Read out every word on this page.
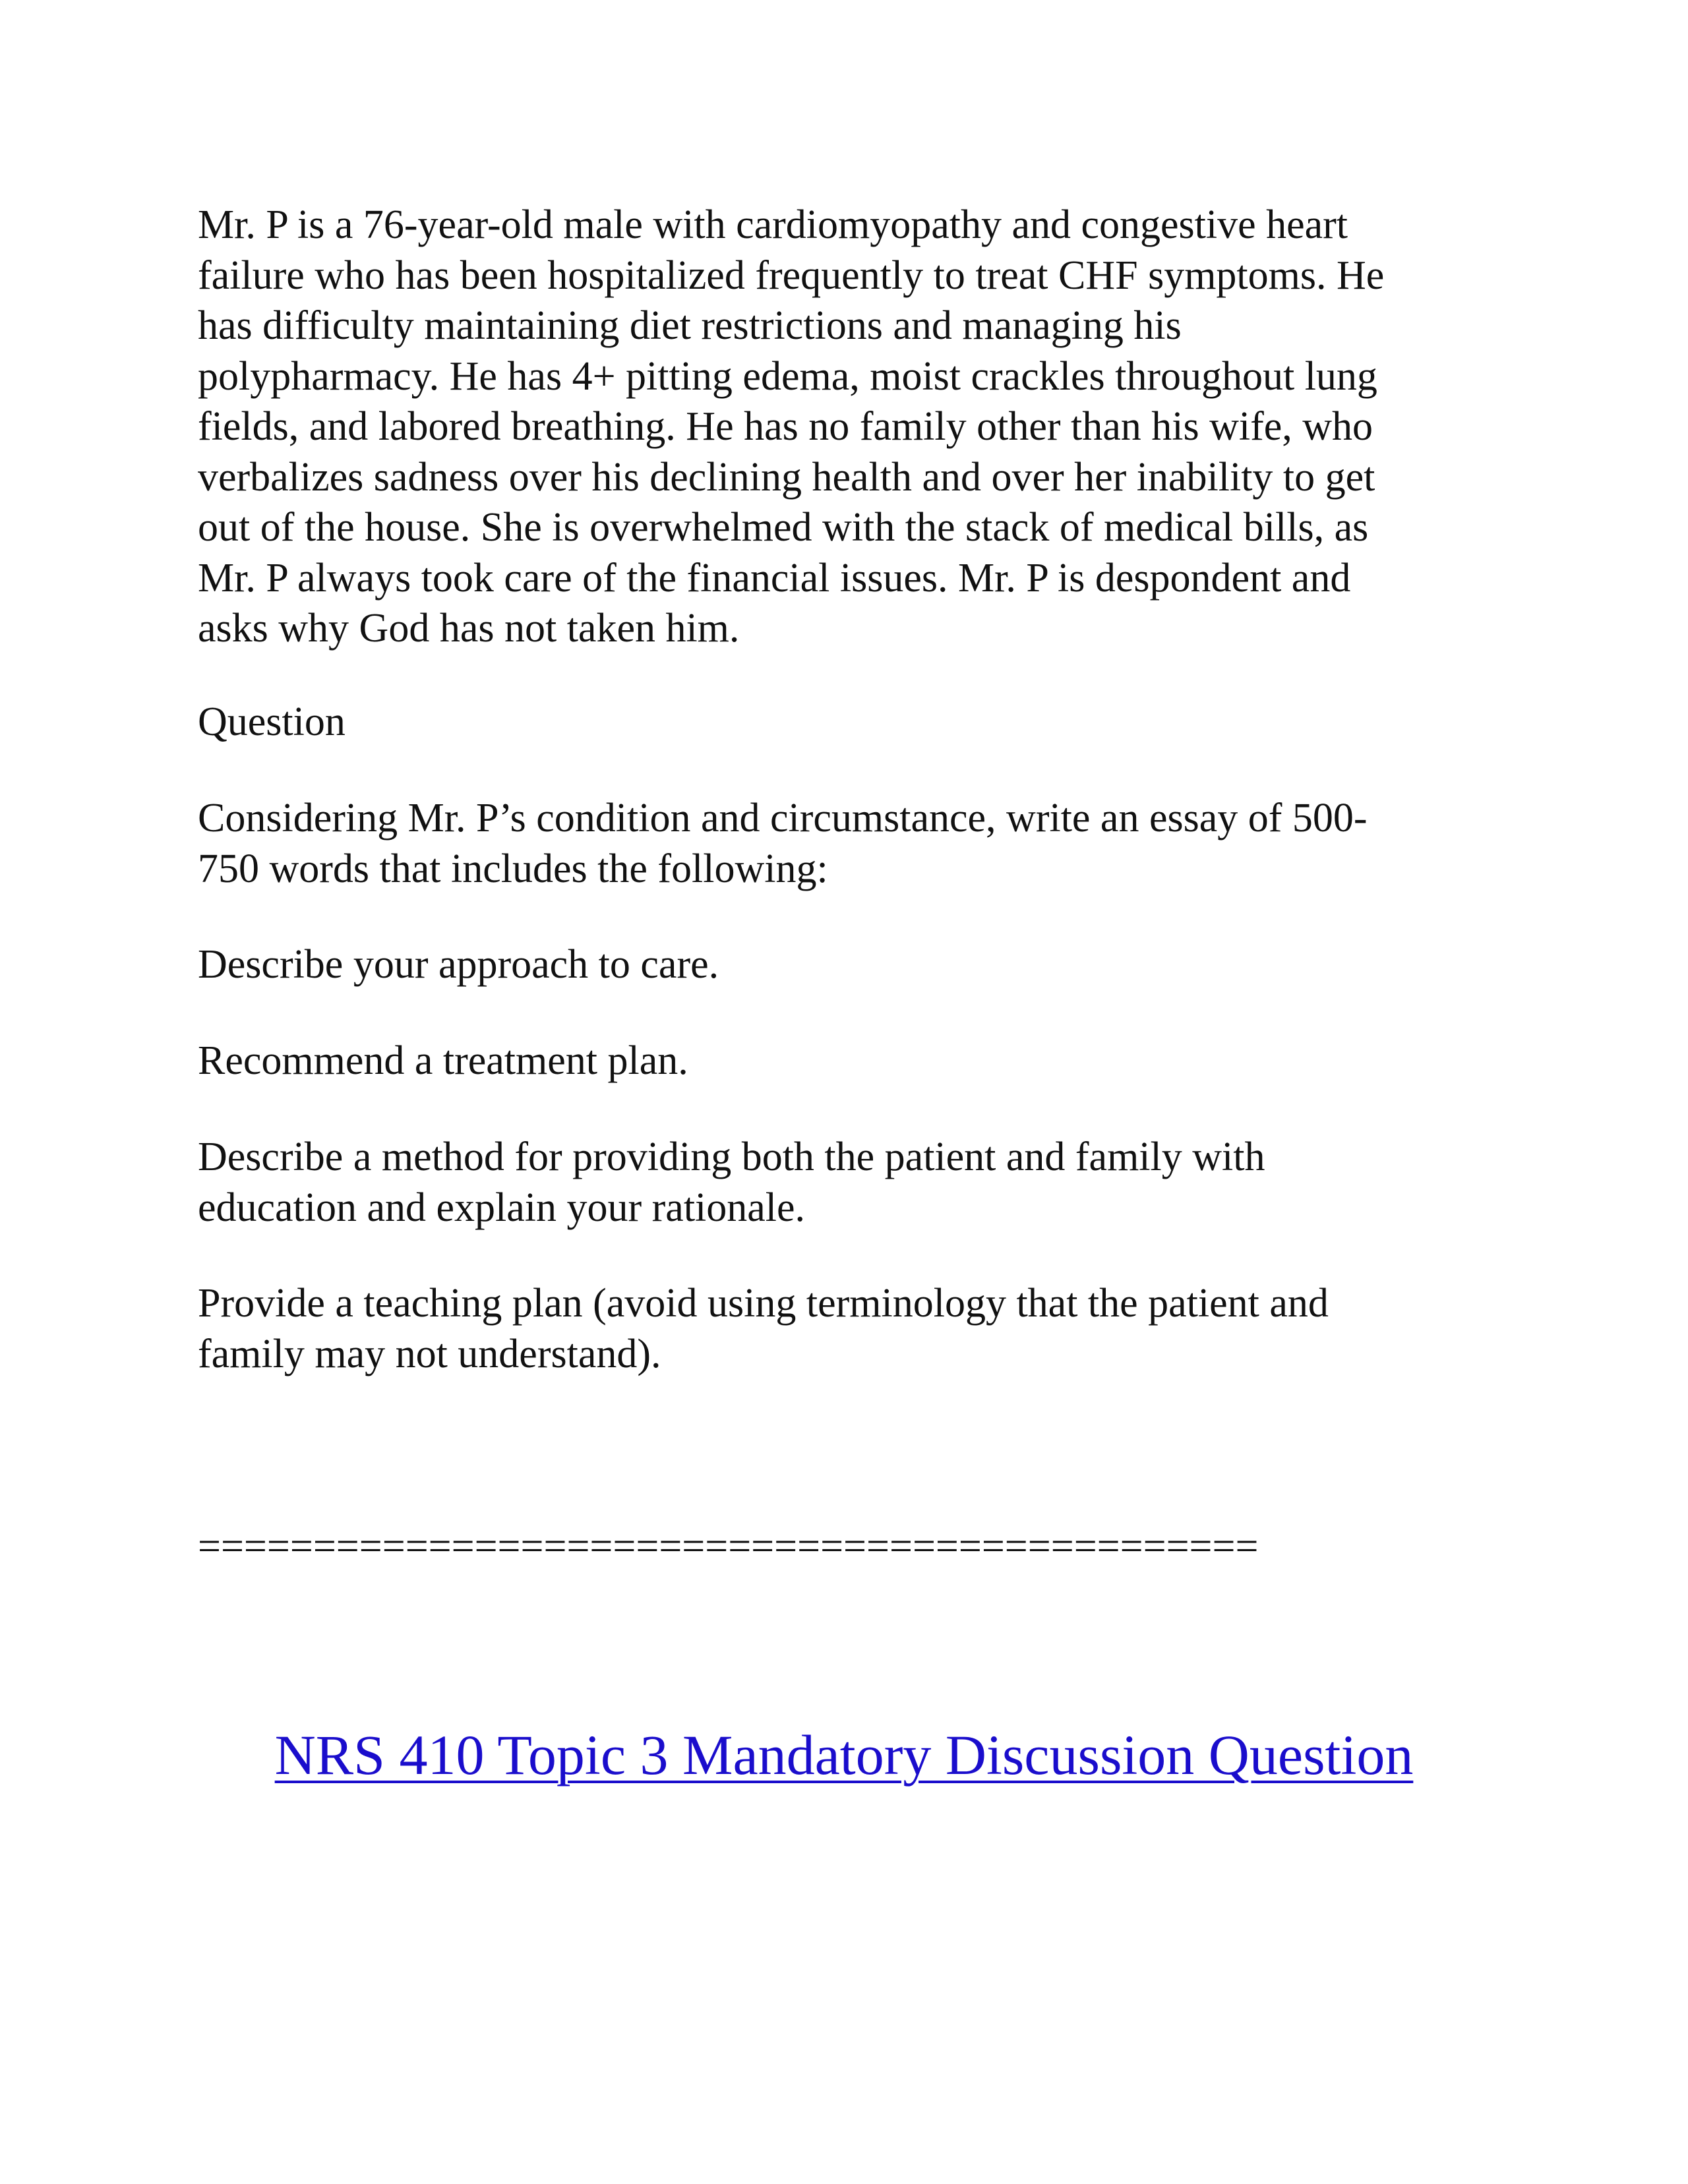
Mr. P is a 76-year-old male with cardiomyopathy and congestive heart
failure who has been hospitalized frequently to treat CHF symptoms. He
has difficulty maintaining diet restrictions and managing his
polypharmacy. He has 4+ pitting edema, moist crackles throughout lung
fields, and labored breathing. He has no family other than his wife, who
verbalizes sadness over his declining health and over her inability to get
out of the house. She is overwhelmed with the stack of medical bills, as
Mr. P always took care of the financial issues. Mr. P is despondent and
asks why God has not taken him.

Question

Considering Mr. P’s condition and circumstance, write an essay of 500-
750 words that includes the following:

Describe your approach to care.

Recommend a treatment plan.

Describe a method for providing both the patient and family with
education and explain your rationale.

Provide a teaching plan (avoid using terminology that the patient and
family may not understand).

==============================================

NRS 410 Topic 3 Mandatory Discussion Question
